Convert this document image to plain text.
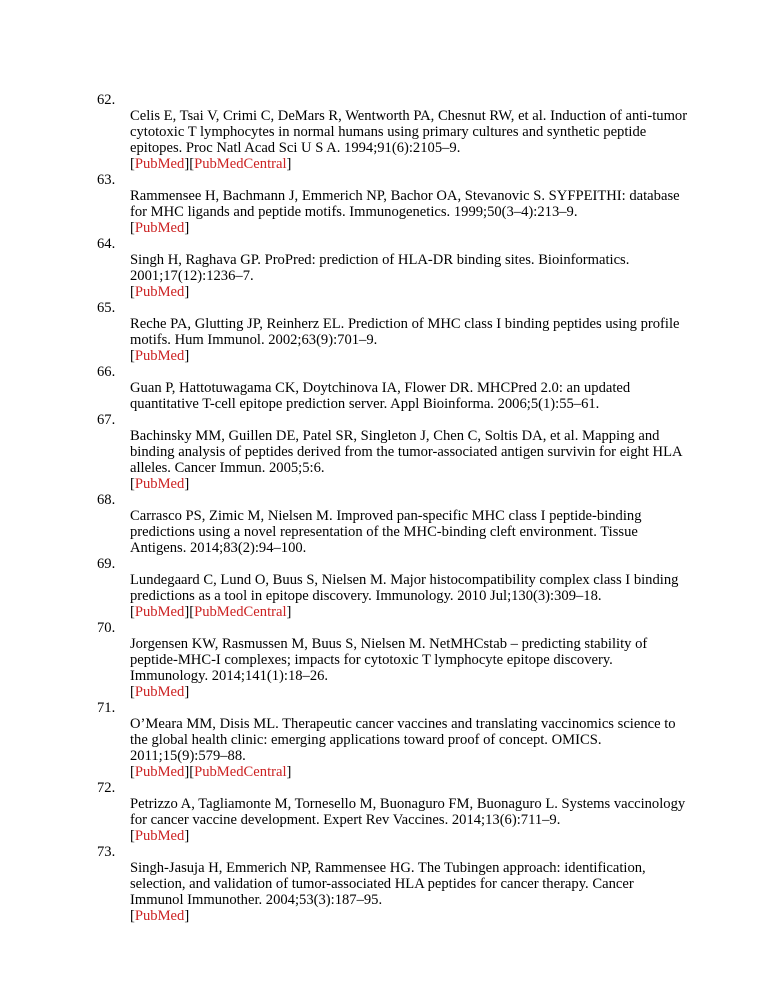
62.
Celis E, Tsai V, Crimi C, DeMars R, Wentworth PA, Chesnut RW, et al. Induction of anti-tumor cytotoxic T lymphocytes in normal humans using primary cultures and synthetic peptide epitopes. Proc Natl Acad Sci U S A. 1994;91(6):2105–9.
[PubMed][PubMedCentral]
63.
Rammensee H, Bachmann J, Emmerich NP, Bachor OA, Stevanovic S. SYFPEITHI: database for MHC ligands and peptide motifs. Immunogenetics. 1999;50(3–4):213–9.
[PubMed]
64.
Singh H, Raghava GP. ProPred: prediction of HLA-DR binding sites. Bioinformatics. 2001;17(12):1236–7.
[PubMed]
65.
Reche PA, Glutting JP, Reinherz EL. Prediction of MHC class I binding peptides using profile motifs. Hum Immunol. 2002;63(9):701–9.
[PubMed]
66.
Guan P, Hattotuwagama CK, Doytchinova IA, Flower DR. MHCPred 2.0: an updated quantitative T-cell epitope prediction server. Appl Bioinforma. 2006;5(1):55–61.
67.
Bachinsky MM, Guillen DE, Patel SR, Singleton J, Chen C, Soltis DA, et al. Mapping and binding analysis of peptides derived from the tumor-associated antigen survivin for eight HLA alleles. Cancer Immun. 2005;5:6.
[PubMed]
68.
Carrasco PS, Zimic M, Nielsen M. Improved pan-specific MHC class I peptide-binding predictions using a novel representation of the MHC-binding cleft environment. Tissue Antigens. 2014;83(2):94–100.
69.
Lundegaard C, Lund O, Buus S, Nielsen M. Major histocompatibility complex class I binding predictions as a tool in epitope discovery. Immunology. 2010 Jul;130(3):309–18.
[PubMed][PubMedCentral]
70.
Jorgensen KW, Rasmussen M, Buus S, Nielsen M. NetMHCstab – predicting stability of peptide-MHC-I complexes; impacts for cytotoxic T lymphocyte epitope discovery. Immunology. 2014;141(1):18–26.
[PubMed]
71.
O’Meara MM, Disis ML. Therapeutic cancer vaccines and translating vaccinomics science to the global health clinic: emerging applications toward proof of concept. OMICS. 2011;15(9):579–88.
[PubMed][PubMedCentral]
72.
Petrizzo A, Tagliamonte M, Tornesello M, Buonaguro FM, Buonaguro L. Systems vaccinology for cancer vaccine development. Expert Rev Vaccines. 2014;13(6):711–9.
[PubMed]
73.
Singh-Jasuja H, Emmerich NP, Rammensee HG. The Tubingen approach: identification, selection, and validation of tumor-associated HLA peptides for cancer therapy. Cancer Immunol Immunother. 2004;53(3):187–95.
[PubMed]
